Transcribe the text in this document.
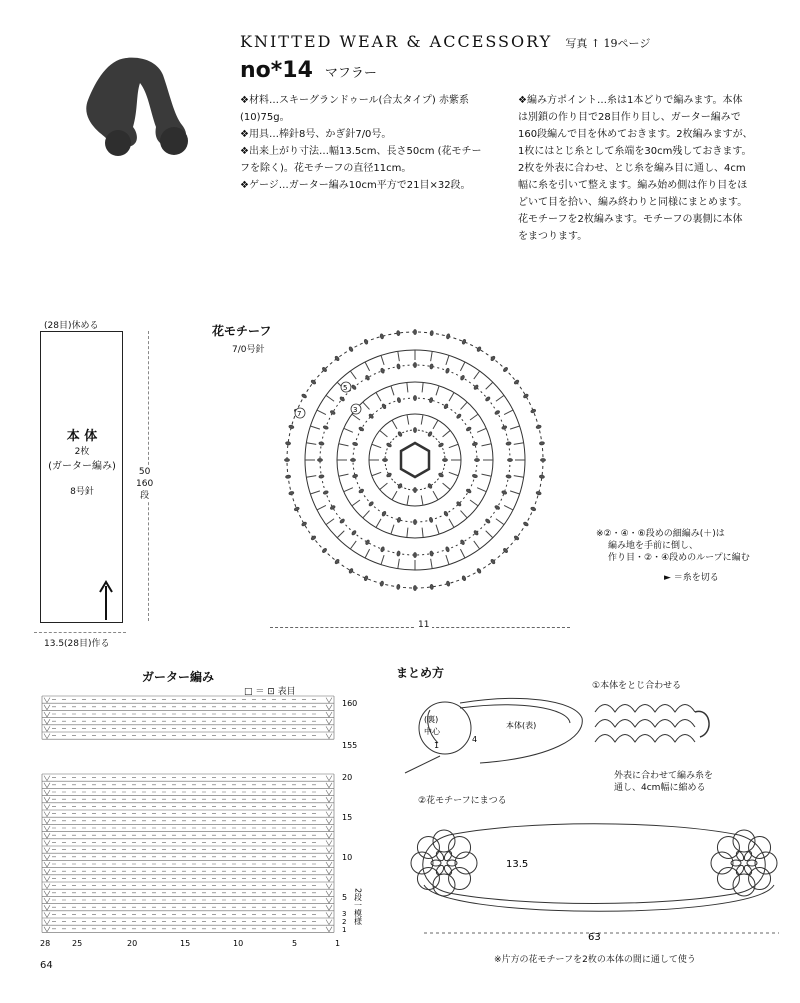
KNITTED WEAR & ACCESSORY 写真 ↑ 19ページ
no*14 マフラー

❖材料…スキーグランドゥール(合太タイプ) 赤紫系

(10)75g。

❖用具…棒針8号、かぎ針7/0号。

❖出来上がり寸法…幅13.5cm、長さ50cm (花モチー

フを除く)。花モチーフの直径11cm。

❖ゲージ…ガーター編み10cm平方で21目×32段。

❖編み方ポイント…糸は1本どりで編みます。本体

は別鎖の作り目で28目作り目し、ガーター編みで

160段編んで目を休めておきます。2枚編みますが、

1枚にはとじ糸として糸端を30cm残しておきます。

2枚を外表に合わせ、とじ糸を編み目に通し、4cm

幅に糸を引いて整えます。編み始め側は作り目をほ

どいて目を拾い、編み終わりと同様にまとめます。

花モチーフを2枚編みます。モチーフの裏側に本体

をまつります。

(28目)休める
本 体
2枚
(ガーター編み)
8号針
50
160
段
13.5(28目)作る
花モチーフ
7/0号針
7
5
3
11
※②・④・⑥段めの細編み(＋)は
編み地を手前に倒し、
作り目・②・④段めのループに編む
► ＝糸を切る
ガーター編み
□ ＝ ⊡ 表目
160
155
20
15
10
5
3
2
1
2段一模様
28	25	20	15	10	5	1
まとめ方
①本体をとじ合わせる
外表に合わせて編み糸を
通し、4cm幅に縮める
(裏)
中心
1
4
本体(表)
②花モチーフにまつる
13.5
63
※片方の花モチーフを2枚の本体の間に通して使う
64
